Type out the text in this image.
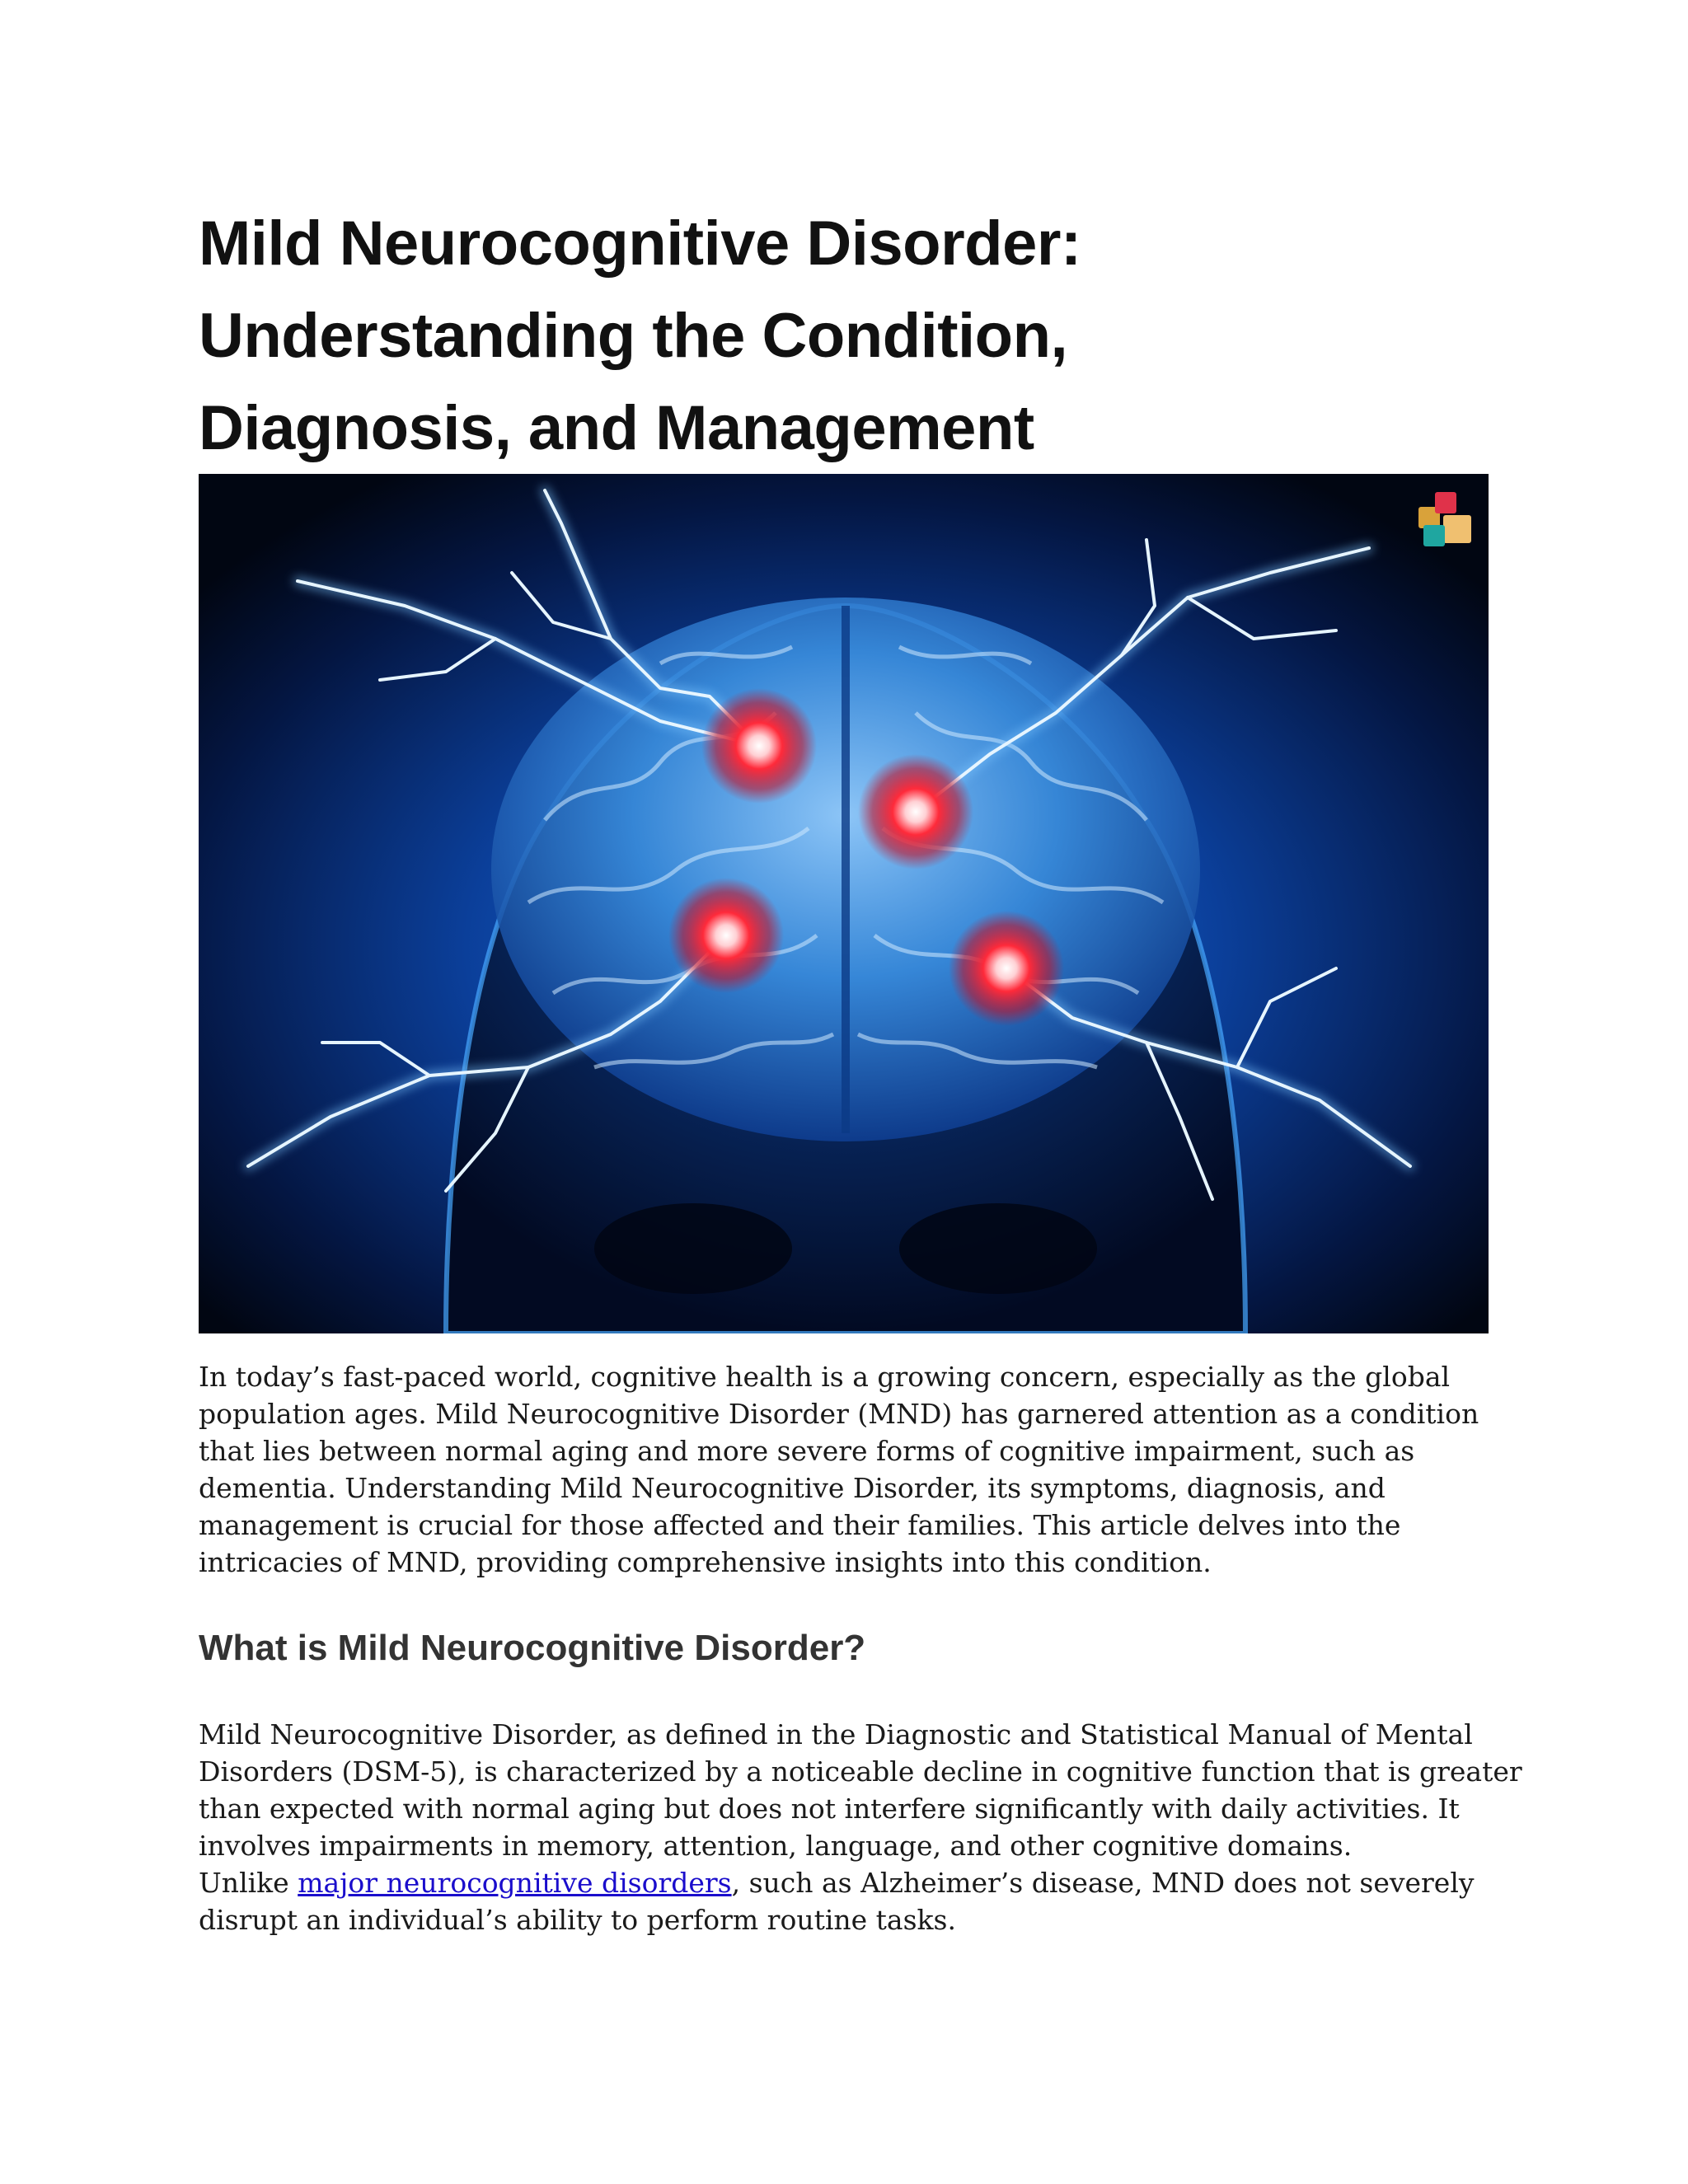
Mild Neurocognitive Disorder:
Understanding the Condition,
Diagnosis, and Management

In today’s fast-paced world, cognitive health is a growing concern, especially as the global
population ages. Mild Neurocognitive Disorder (MND) has garnered attention as a condition
that lies between normal aging and more severe forms of cognitive impairment, such as
dementia. Understanding Mild Neurocognitive Disorder, its symptoms, diagnosis, and
management is crucial for those affected and their families. This article delves into the
intricacies of MND, providing comprehensive insights into this condition.

What is Mild Neurocognitive Disorder?

Mild Neurocognitive Disorder, as defined in the Diagnostic and Statistical Manual of Mental
Disorders (DSM-5), is characterized by a noticeable decline in cognitive function that is greater
than expected with normal aging but does not interfere significantly with daily activities. It
involves impairments in memory, attention, language, and other cognitive domains.
Unlike major neurocognitive disorders, such as Alzheimer’s disease, MND does not severely
disrupt an individual’s ability to perform routine tasks.
